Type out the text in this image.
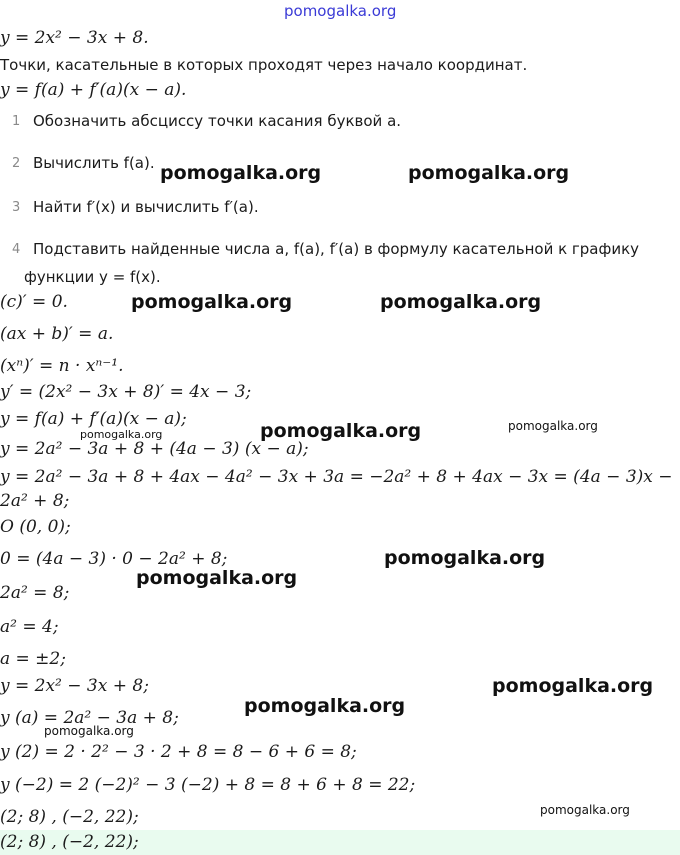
pomogalka.org
y = 2x² − 3x + 8.
Точки, касательные в которых проходят через начало координат.
y = f(a) + f′(a)(x − a).
1 Обозначить абсциссу точки касания буквой a.
2 Вычислить f(a).
3 Найти f′(x) и вычислить f′(a).
4 Подставить найденные числа a, f(a), f′(a) в формулу касательной к графику
функции y = f(x).
(c)′ = 0.
(ax + b)′ = a.
(xⁿ)′ = n · xⁿ⁻¹.
y′ = (2x² − 3x + 8)′ = 4x − 3;
y = f(a) + f′(a)(x − a);
y = 2a² − 3a + 8 + (4a − 3) (x − a);
y = 2a² − 3a + 8 + 4ax − 4a² − 3x + 3a = −2a² + 8 + 4ax − 3x = (4a − 3)x −
2a² + 8;
O (0, 0);
0 = (4a − 3) · 0 − 2a² + 8;
2a² = 8;
a² = 4;
a = ±2;
y = 2x² − 3x + 8;
y (a) = 2a² − 3a + 8;
y (2) = 2 · 2² − 3 · 2 + 8 = 8 − 6 + 6 = 8;
y (−2) = 2 (−2)² − 3 (−2) + 8 = 8 + 6 + 8 = 22;
(2; 8) , (−2, 22);
(2; 8) , (−2, 22);
pomogalka.org	pomogalka.org
pomogalka.org	pomogalka.org
pomogalka.org	pomogalka.org
pomogalka.org
pomogalka.org
pomogalka.org
pomogalka.org
pomogalka.org
pomogalka.org
pomogalka.org
